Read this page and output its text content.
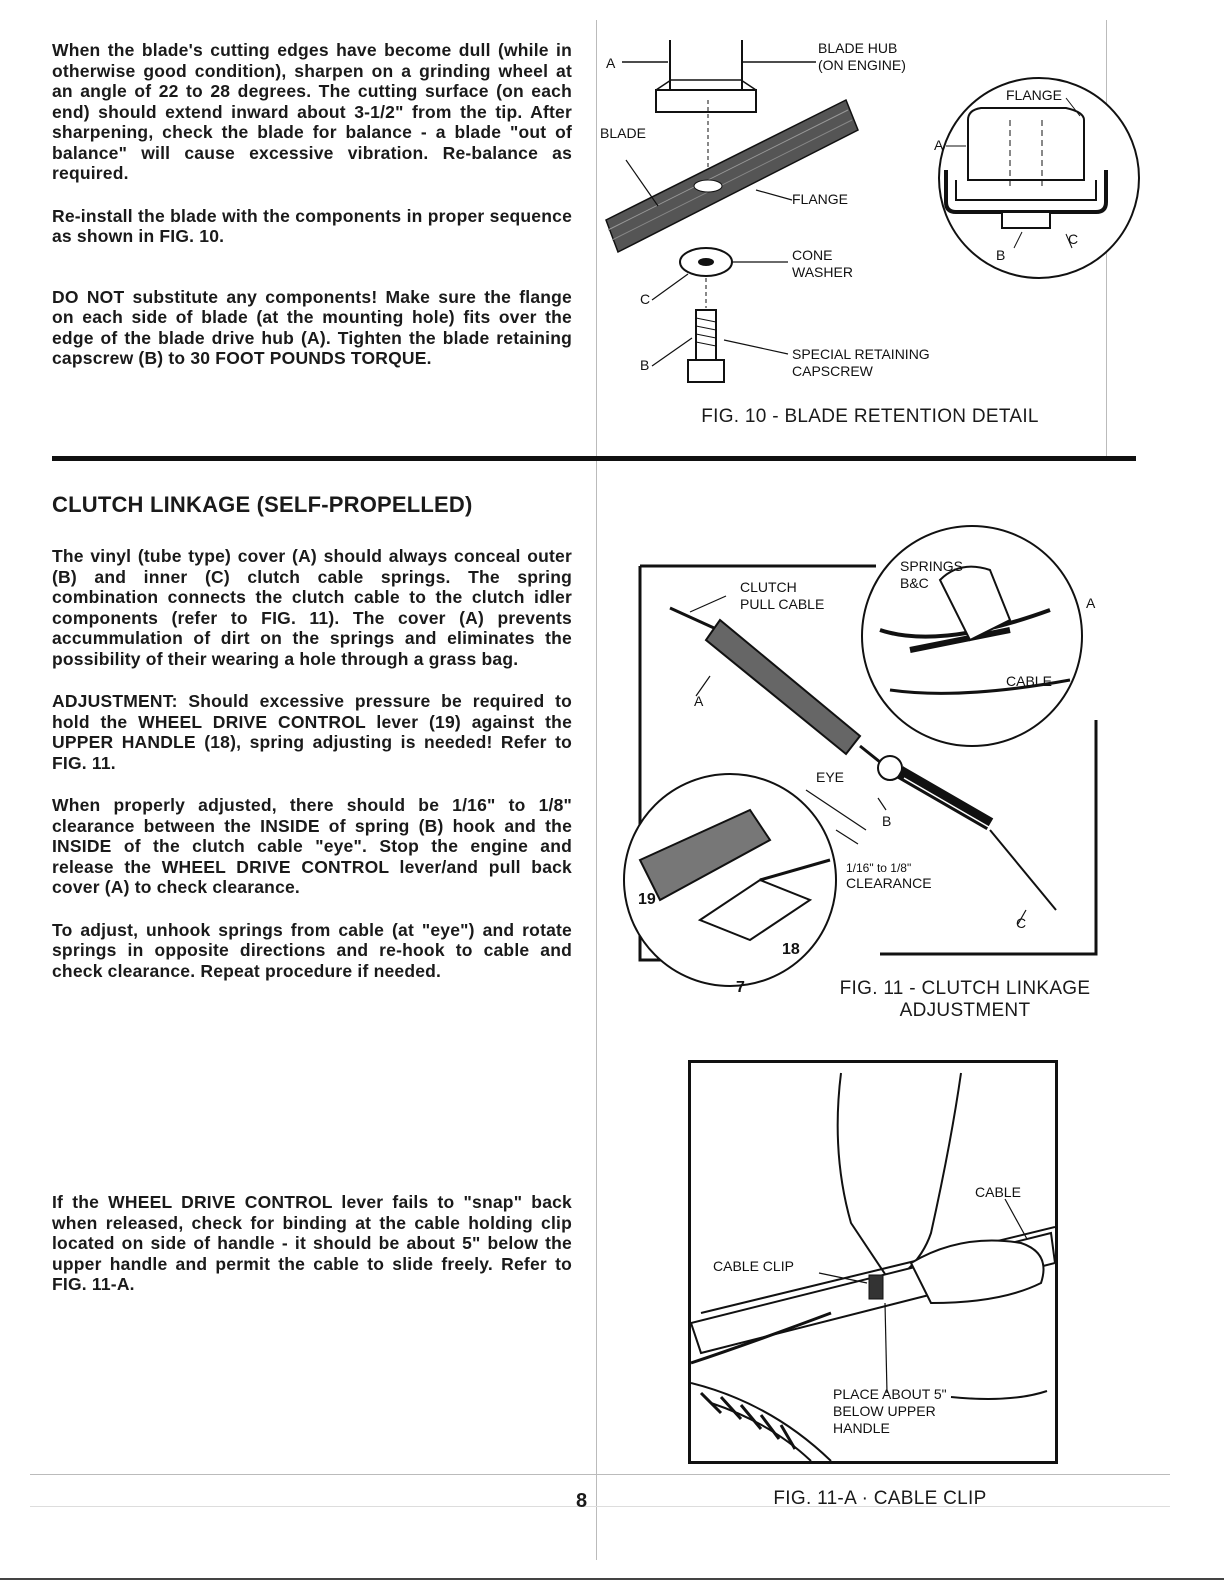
When the blade's cutting edges have become dull (while in otherwise good condition), sharpen on a grinding wheel at an angle of 22 to 28 degrees. The cutting surface (on each end) should extend inward about 3-1/2" from the tip. After sharpening, check the blade for balance - a blade "out of balance" will cause excessive vibration. Re-balance as required.

Re-install the blade with the components in proper sequence as shown in FIG. 10.

DO NOT substitute any components! Make sure the flange on each side of blade (at the mounting hole) fits over the edge of the blade drive hub (A). Tighten the blade retaining capscrew (B) to 30 FOOT POUNDS TORQUE.

A
BLADE HUB
(ON ENGINE)
BLADE
FLANGE
CONE
WASHER
C
B
SPECIAL RETAINING
CAPSCREW
FLANGE
A
B
C
FIG. 10 - BLADE RETENTION DETAIL
CLUTCH LINKAGE (SELF-PROPELLED)

The vinyl (tube type) cover (A) should always conceal outer (B) and inner (C) clutch cable springs. The spring combination connects the clutch cable to the clutch idler components (refer to FIG. 11). The cover (A) prevents accummulation of dirt on the springs and eliminates the possibility of their wearing a hole through a grass bag.

ADJUSTMENT: Should excessive pressure be required to hold the WHEEL DRIVE CONTROL lever (19) against the UPPER HANDLE (18), spring adjusting is needed! Refer to FIG. 11.

When properly adjusted, there should be 1/16" to 1/8" clearance between the INSIDE of spring (B) hook and the INSIDE of the clutch cable "eye". Stop the engine and release the WHEEL DRIVE CONTROL lever/and pull back cover (A) to check clearance.

To adjust, unhook springs from cable (at "eye") and rotate springs in opposite directions and re-hook to cable and check clearance. Repeat procedure if needed.

If the WHEEL DRIVE CONTROL lever fails to "snap" back when released, check for binding at the cable holding clip located on side of handle - it should be about 5" below the upper handle and permit the cable to slide freely. Refer to FIG. 11-A.

CLUTCH
PULL CABLE
SPRINGS
B&C
A
CABLE
A
EYE
B
1/16" to 1/8"
CLEARANCE
C
19
18
7	FIG. 11 - CLUTCH LINKAGE
ADJUSTMENT
CABLE
CABLE CLIP
PLACE ABOUT 5"
BELOW UPPER
HANDLE
FIG. 11-A · CABLE CLIP
8
